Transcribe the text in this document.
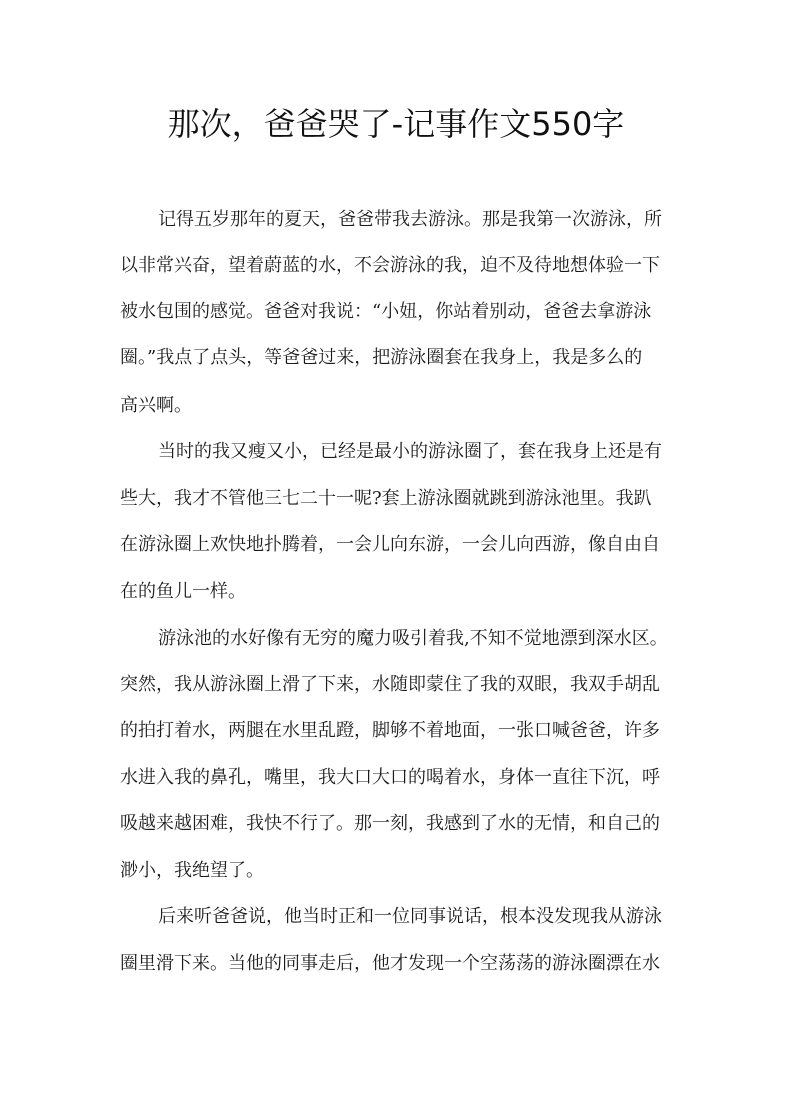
那次，爸爸哭了-记事作文550字
记得五岁那年的夏天，爸爸带我去游泳。那是我第一次游泳，所
以非常兴奋，望着蔚蓝的水，不会游泳的我，迫不及待地想体验一下
被水包围的感觉。爸爸对我说：“小妞，你站着别动，爸爸去拿游泳
圈。”我点了点头，等爸爸过来，把游泳圈套在我身上，我是多么的
高兴啊。
当时的我又瘦又小，已经是最小的游泳圈了，套在我身上还是有
些大，我才不管他三七二十一呢?套上游泳圈就跳到游泳池里。我趴
在游泳圈上欢快地扑腾着，一会儿向东游，一会儿向西游，像自由自
在的鱼儿一样。
游泳池的水好像有无穷的魔力吸引着我,不知不觉地漂到深水区。
突然，我从游泳圈上滑了下来，水随即蒙住了我的双眼，我双手胡乱
的拍打着水，两腿在水里乱蹬，脚够不着地面，一张口喊爸爸，许多
水进入我的鼻孔，嘴里，我大口大口的喝着水，身体一直往下沉，呼
吸越来越困难，我快不行了。那一刻，我感到了水的无情，和自己的
渺小，我绝望了。
后来听爸爸说，他当时正和一位同事说话，根本没发现我从游泳
圈里滑下来。当他的同事走后，他才发现一个空荡荡的游泳圈漂在水
